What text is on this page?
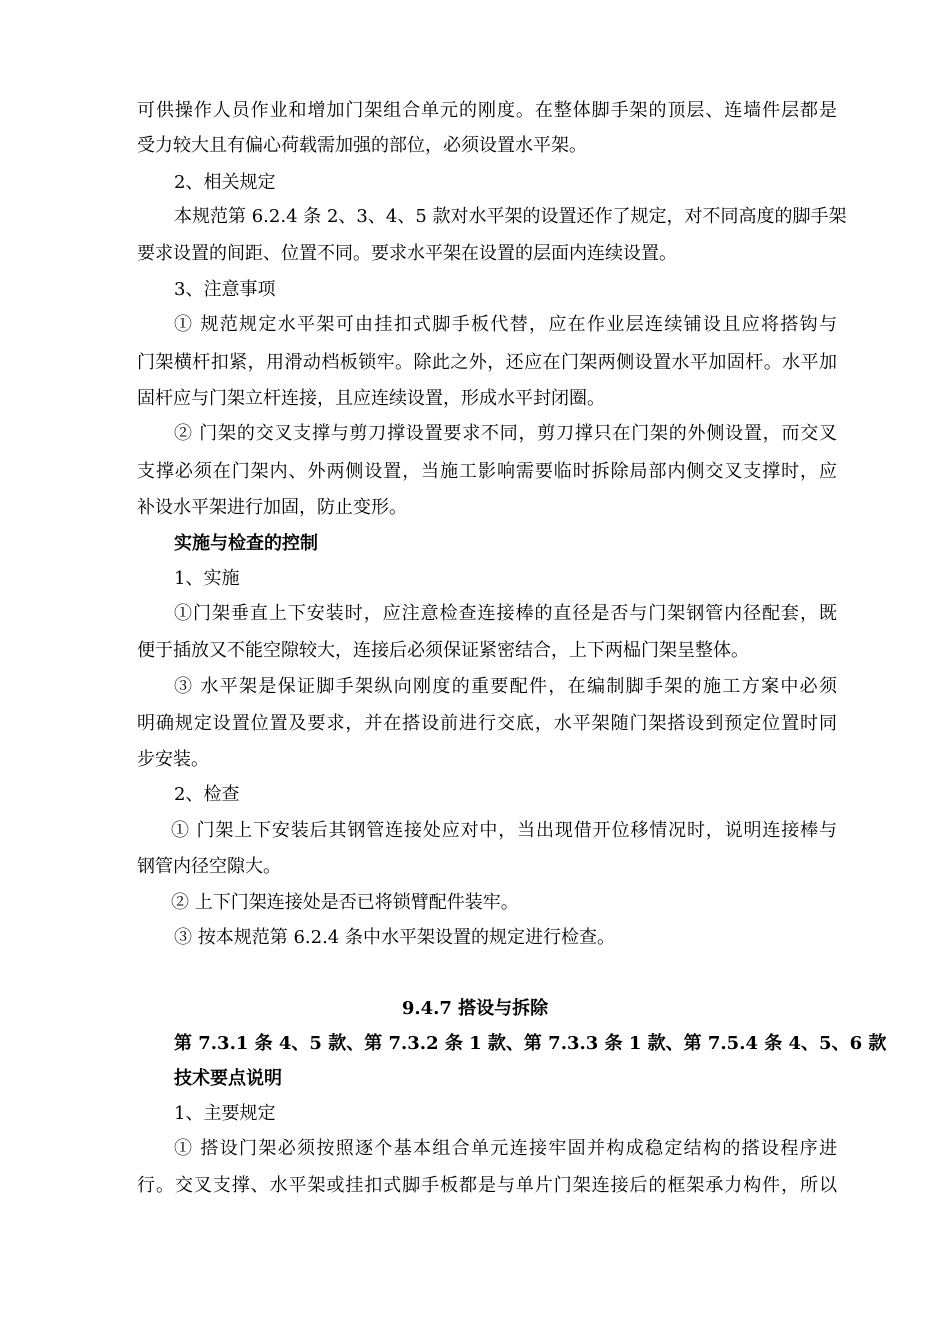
可供操作人员作业和增加门架组合单元的刚度。在整体脚手架的顶层、连墙件层都是
受力较大且有偏心荷载需加强的部位，必须设置水平架。
2、相关规定
本规范第 6.2.4 条 2、3、4、5 款对水平架的设置还作了规定，对不同高度的脚手架
要求设置的间距、位置不同。要求水平架在设置的层面内连续设置。
3、注意事项
① 规范规定水平架可由挂扣式脚手板代替，应在作业层连续铺设且应将搭钩与
门架横杆扣紧，用滑动档板锁牢。除此之外，还应在门架两侧设置水平加固杆。水平加
固杆应与门架立杆连接，且应连续设置，形成水平封闭圈。
② 门架的交叉支撑与剪刀撑设置要求不同，剪刀撑只在门架的外侧设置，而交叉
支撑必须在门架内、外两侧设置，当施工影响需要临时拆除局部内侧交叉支撑时，应
补设水平架进行加固，防止变形。
实施与检查的控制
1、实施
①门架垂直上下安装时，应注意检查连接棒的直径是否与门架钢管内径配套，既
便于插放又不能空隙较大，连接后必须保证紧密结合，上下两榀门架呈整体。
③ 水平架是保证脚手架纵向刚度的重要配件，在编制脚手架的施工方案中必须
明确规定设置位置及要求，并在搭设前进行交底，水平架随门架搭设到预定位置时同
步安装。
2、检查
① 门架上下安装后其钢管连接处应对中，当出现借开位移情况时，说明连接棒与
钢管内径空隙大。
② 上下门架连接处是否已将锁臂配件装牢。
③ 按本规范第 6.2.4 条中水平架设置的规定进行检查。
9.4.7 搭设与拆除
第 7.3.1 条 4、5 款、第 7.3.2 条 1 款、第 7.3.3 条 1 款、第 7.5.4 条 4、5、6 款
技术要点说明
1、主要规定
① 搭设门架必须按照逐个基本组合单元连接牢固并构成稳定结构的搭设程序进
行。交叉支撑、水平架或挂扣式脚手板都是与单片门架连接后的框架承力构件，所以
